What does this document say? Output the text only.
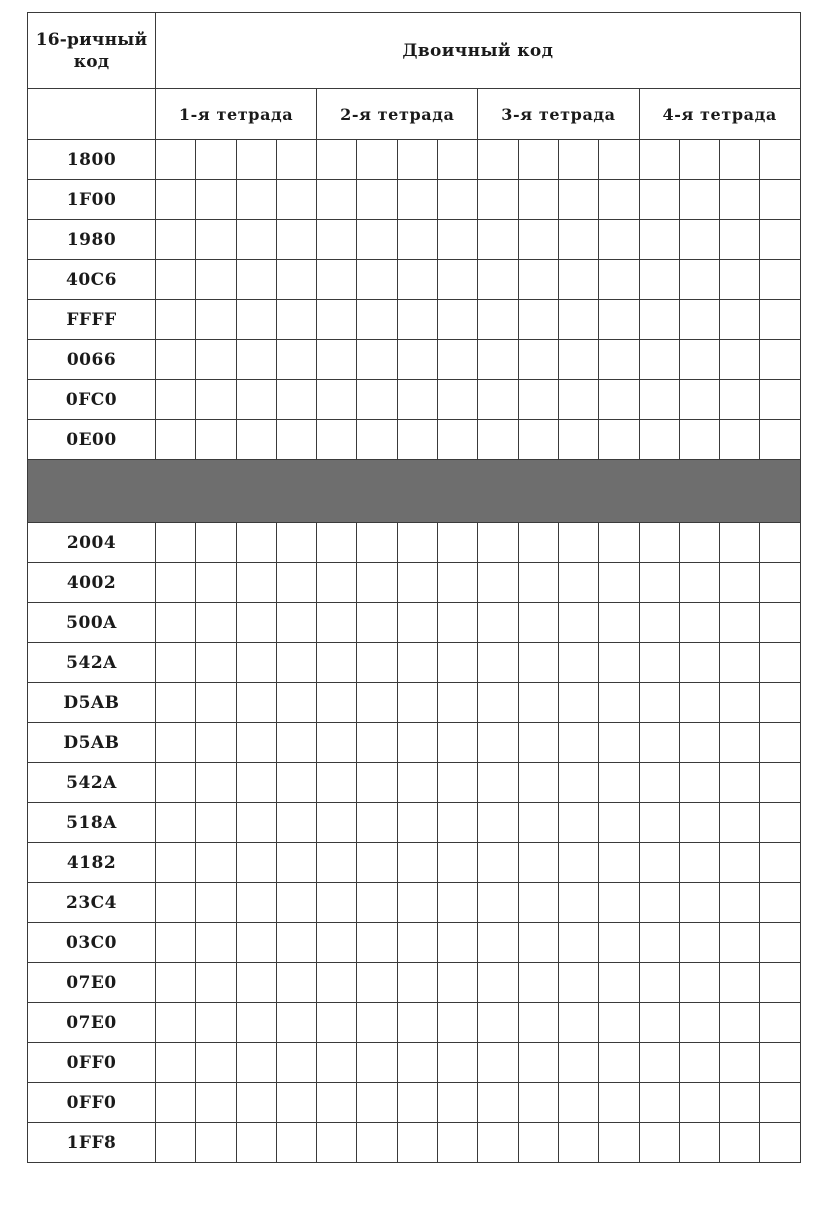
16-ричный
код	Двоичный код															
	1-я тетрада				2-я тетрада				3-я тетрада				4-я тетрада			
1800																
1F00																
1980																
40C6																
FFFF																
0066																
0FC0																
0E00																

2004																
4002																
500A																
542A																
D5AB																
D5AB																
542A																
518A																
4182																
23C4																
03C0																
07E0																
07E0																
0FF0																
0FF0																
1FF8																
